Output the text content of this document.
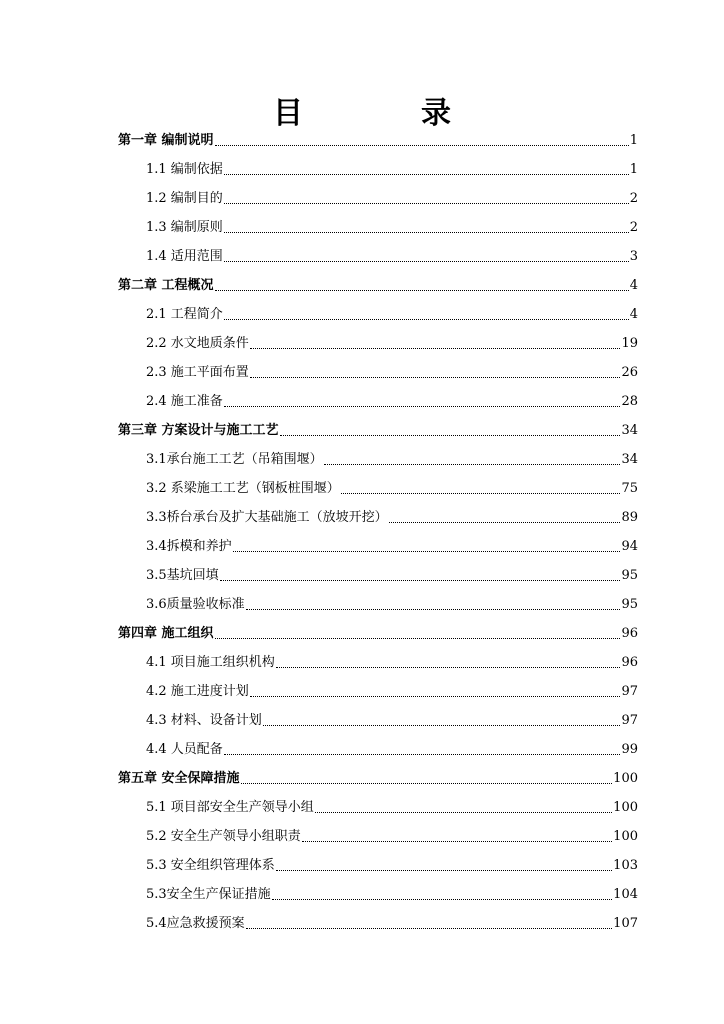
目　录
第一章 编制说明	1
1.1 编制依据	1
1.2 编制目的	2
1.3 编制原则	2
1.4 适用范围	3
第二章 工程概况	4
2.1 工程简介	4
2.2 水文地质条件	19
2.3 施工平面布置	26
2.4 施工准备	28
第三章 方案设计与施工工艺	34
3.1承台施工工艺（吊箱围堰）	34
3.2 系梁施工工艺（钢板桩围堰）	75
3.3桥台承台及扩大基础施工（放坡开挖）	89
3.4拆模和养护	94
3.5基坑回填	95
3.6质量验收标准	95
第四章 施工组织	96
4.1 项目施工组织机构	96
4.2 施工进度计划	97
4.3 材料、设备计划	97
4.4 人员配备	99
第五章 安全保障措施	100
5.1 项目部安全生产领导小组	100
5.2 安全生产领导小组职责	100
5.3 安全组织管理体系	103
5.3安全生产保证措施	104
5.4应急救援预案	107
